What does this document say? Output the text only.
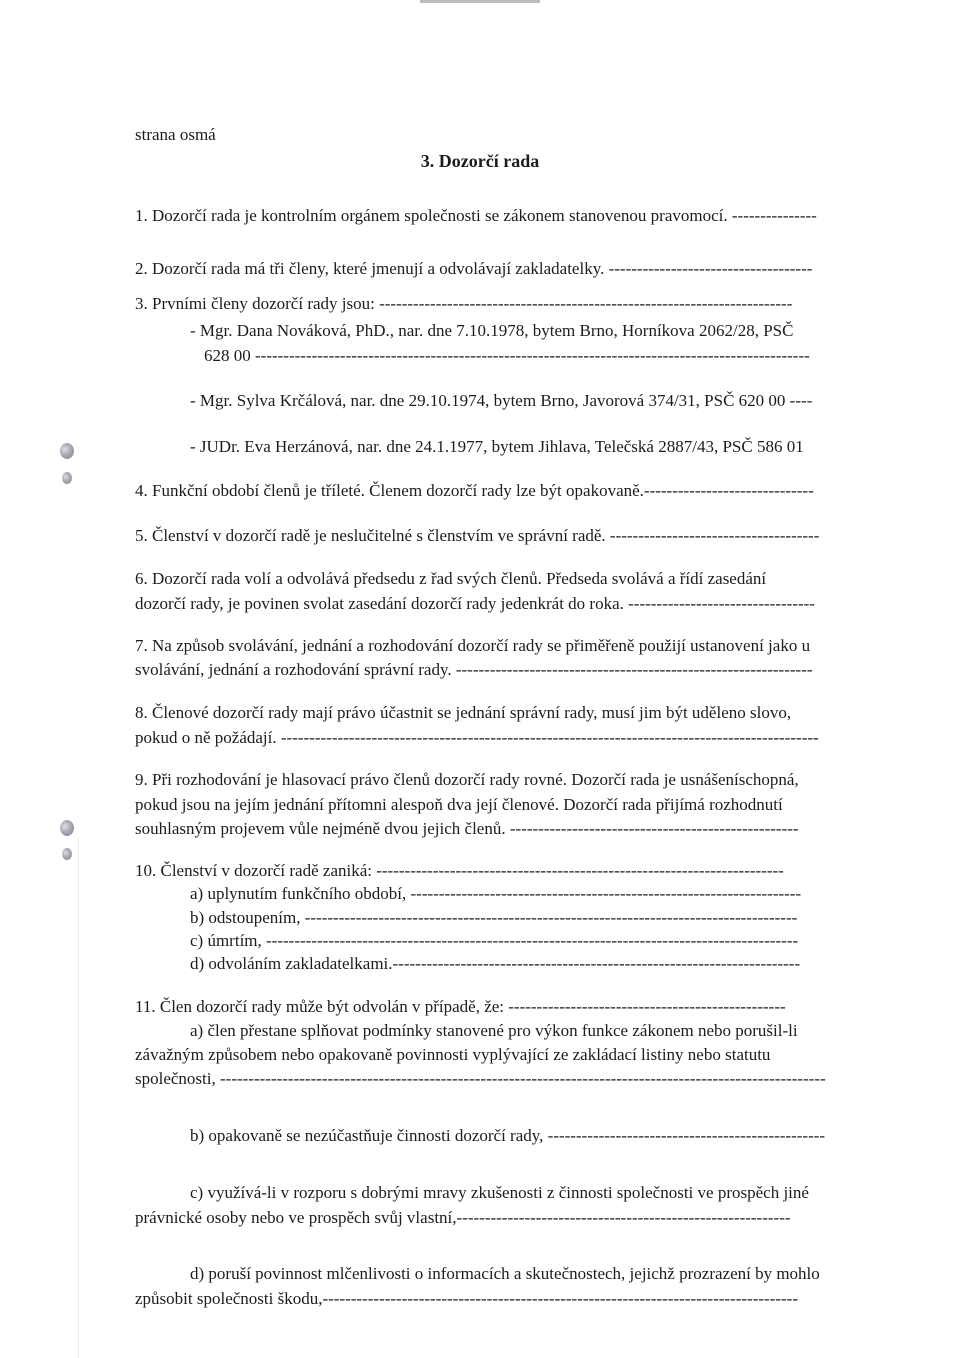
3. Dozorčí rada
strana osmá
1. Dozorčí rada je kontrolním orgánem společnosti se zákonem stanovenou pravomocí. ---------------
2. Dozorčí rada má tři členy, které jmenují a odvolávají zakladatelky. ------------------------------------
3. Prvními členy dozorčí rady jsou: -------------------------------------------------------------------------
- Mgr. Dana Nováková, PhD., nar. dne 7.10.1978, bytem Brno, Horníkova 2062/28, PSČ
628 00 --------------------------------------------------------------------------------------------------
- Mgr. Sylva Krčálová, nar. dne 29.10.1974, bytem Brno, Javorová 374/31, PSČ 620 00 ----
- JUDr. Eva Herzánová, nar. dne 24.1.1977, bytem Jihlava, Telečská 2887/43, PSČ 586 01
4. Funkční období členů je tříleté. Členem dozorčí rady lze být opakovaně.------------------------------
5. Členství v dozorčí radě je neslučitelné s členstvím ve správní radě. -------------------------------------
6. Dozorčí rada volí a odvolává předsedu z řad svých členů. Předseda svolává a řídí zasedání
dozorčí rady, je povinen svolat zasedání dozorčí rady jedenkrát do roka. ---------------------------------
7. Na způsob svolávání, jednání a rozhodování dozorčí rady se přiměřeně použijí ustanovení jako u
svolávání, jednání a rozhodování správní rady. ---------------------------------------------------------------
8. Členové dozorčí rady mají právo účastnit se jednání správní rady, musí jim být uděleno slovo,
pokud o ně požádají. -----------------------------------------------------------------------------------------------
9. Při rozhodování je hlasovací právo členů dozorčí rady rovné. Dozorčí rada je usnášeníschopná,
pokud jsou na jejím jednání přítomni alespoň dva její členové. Dozorčí rada přijímá rozhodnutí
souhlasným projevem vůle nejméně dvou jejich členů. ---------------------------------------------------
10. Členství v dozorčí radě zaniká: ------------------------------------------------------------------------
a) uplynutím funkčního období, ---------------------------------------------------------------------
b) odstoupením, ---------------------------------------------------------------------------------------
c) úmrtím, ----------------------------------------------------------------------------------------------
d) odvoláním zakladatelkami.------------------------------------------------------------------------
11. Člen dozorčí rady může být odvolán v případě, že: -------------------------------------------------
a) člen přestane splňovat podmínky stanovené pro výkon funkce zákonem nebo porušil-li
závažným způsobem nebo opakovaně povinnosti vyplývající ze zakládací listiny nebo statutu
společnosti, -----------------------------------------------------------------------------------------------------------
b) opakovaně se nezúčastňuje činnosti dozorčí rady, -------------------------------------------------
c) využívá-li v rozporu s dobrými mravy zkušenosti z činnosti společnosti ve prospěch jiné
právnické osoby nebo ve prospěch svůj vlastní,-----------------------------------------------------------
d) poruší povinnost mlčenlivosti o informacích a skutečnostech, jejichž prozrazení by mohlo
způsobit společnosti škodu,------------------------------------------------------------------------------------
